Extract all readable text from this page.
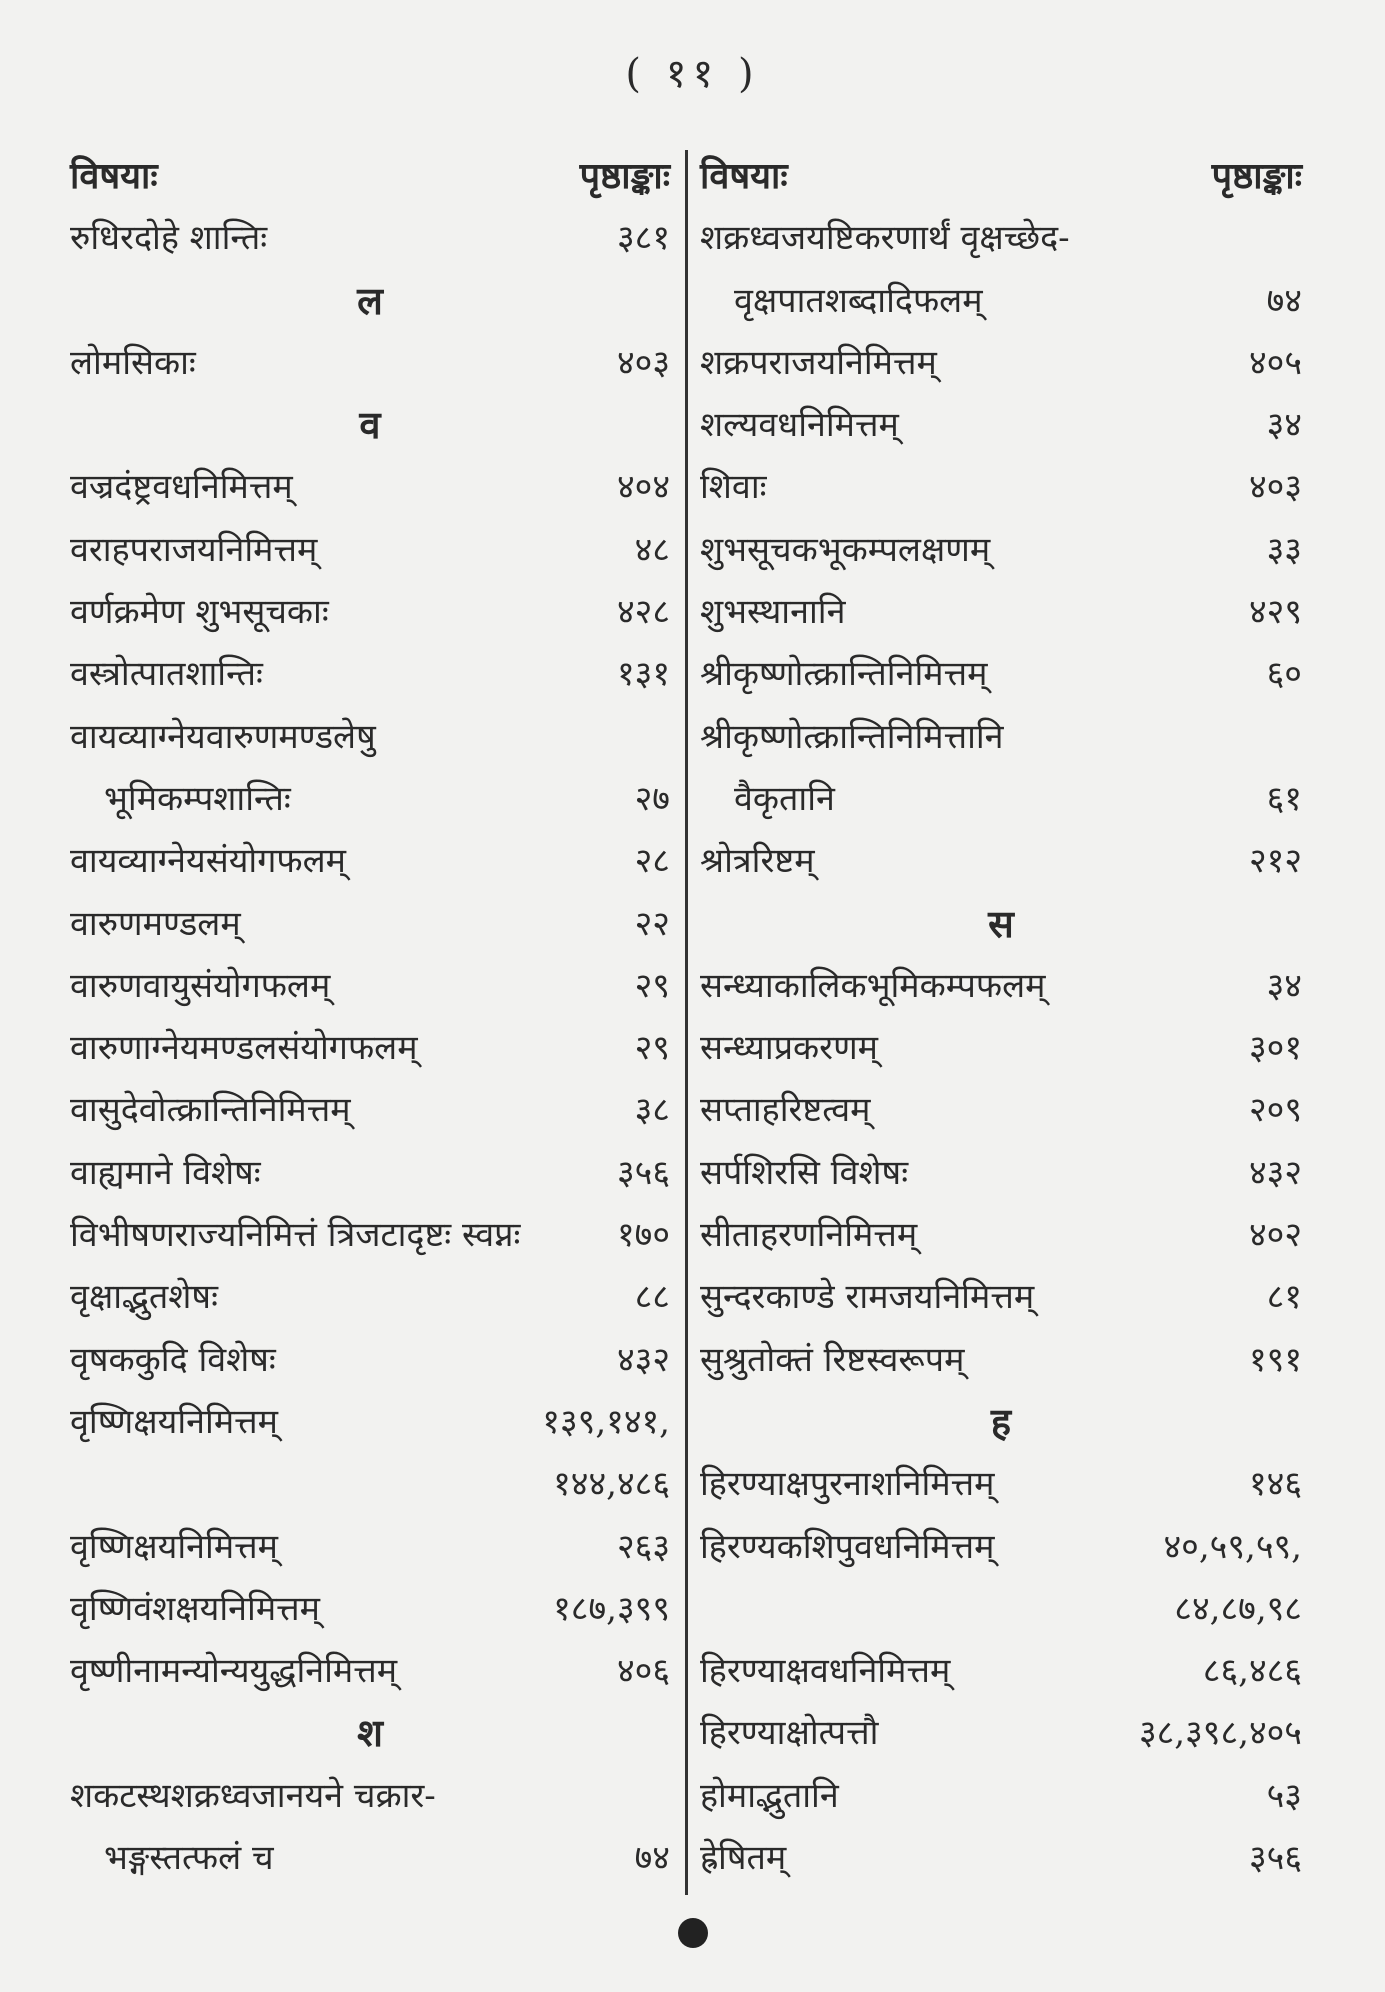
( ११ )
विषयाः	पृष्ठाङ्काः
रुधिरदोहे शान्तिः	३८१
ल
लोमसिकाः	४०३
व
वज्रदंष्ट्रवधनिमित्तम्	४०४
वराहपराजयनिमित्तम्	४८
वर्णक्रमेण शुभसूचकाः	४२८
वस्त्रोत्पातशान्तिः	१३१
वायव्याग्नेयवारुणमण्डलेषु
भूमिकम्पशान्तिः	२७
वायव्याग्नेयसंयोगफलम्	२८
वारुणमण्डलम्	२२
वारुणवायुसंयोगफलम्	२९
वारुणाग्नेयमण्डलसंयोगफलम्	२९
वासुदेवोत्क्रान्तिनिमित्तम्	३८
वाह्यमाने विशेषः	३५६
विभीषणराज्यनिमित्तं त्रिजटादृष्टः स्वप्नः	१७०
वृक्षाद्भुतशेषः	८८
वृषककुदि विशेषः	४३२
वृष्णिक्षयनिमित्तम्	१३९,१४१,
१४४,४८६
वृष्णिक्षयनिमित्तम्	२६३
वृष्णिवंशक्षयनिमित्तम्	१८७,३९९
वृष्णीनामन्योन्ययुद्धनिमित्तम्	४०६
श
शकटस्थशक्रध्वजानयने चक्रार-
भङ्गस्तत्फलं च	७४
विषयाः	पृष्ठाङ्काः
शक्रध्वजयष्टिकरणार्थं वृक्षच्छेद-
वृक्षपातशब्दादिफलम्	७४
शक्रपराजयनिमित्तम्	४०५
शल्यवधनिमित्तम्	३४
शिवाः	४०३
शुभसूचकभूकम्पलक्षणम्	३३
शुभस्थानानि	४२९
श्रीकृष्णोत्क्रान्तिनिमित्तम्	६०
श्रीकृष्णोत्क्रान्तिनिमित्तानि
वैकृतानि	६१
श्रोत्ररिष्टम्	२१२
स
सन्ध्याकालिकभूमिकम्पफलम्	३४
सन्ध्याप्रकरणम्	३०१
सप्ताहरिष्टत्वम्	२०९
सर्पशिरसि विशेषः	४३२
सीताहरणनिमित्तम्	४०२
सुन्दरकाण्डे रामजयनिमित्तम्	८१
सुश्रुतोक्तं रिष्टस्वरूपम्	१९१
ह
हिरण्याक्षपुरनाशनिमित्तम्	१४६
हिरण्यकशिपुवधनिमित्तम्	४०,५९,५९,
८४,८७,९८
हिरण्याक्षवधनिमित्तम्	८६,४८६
हिरण्याक्षोत्पत्तौ	३८,३९८,४०५
होमाद्भुतानि	५३
ह्रेषितम्	३५६
